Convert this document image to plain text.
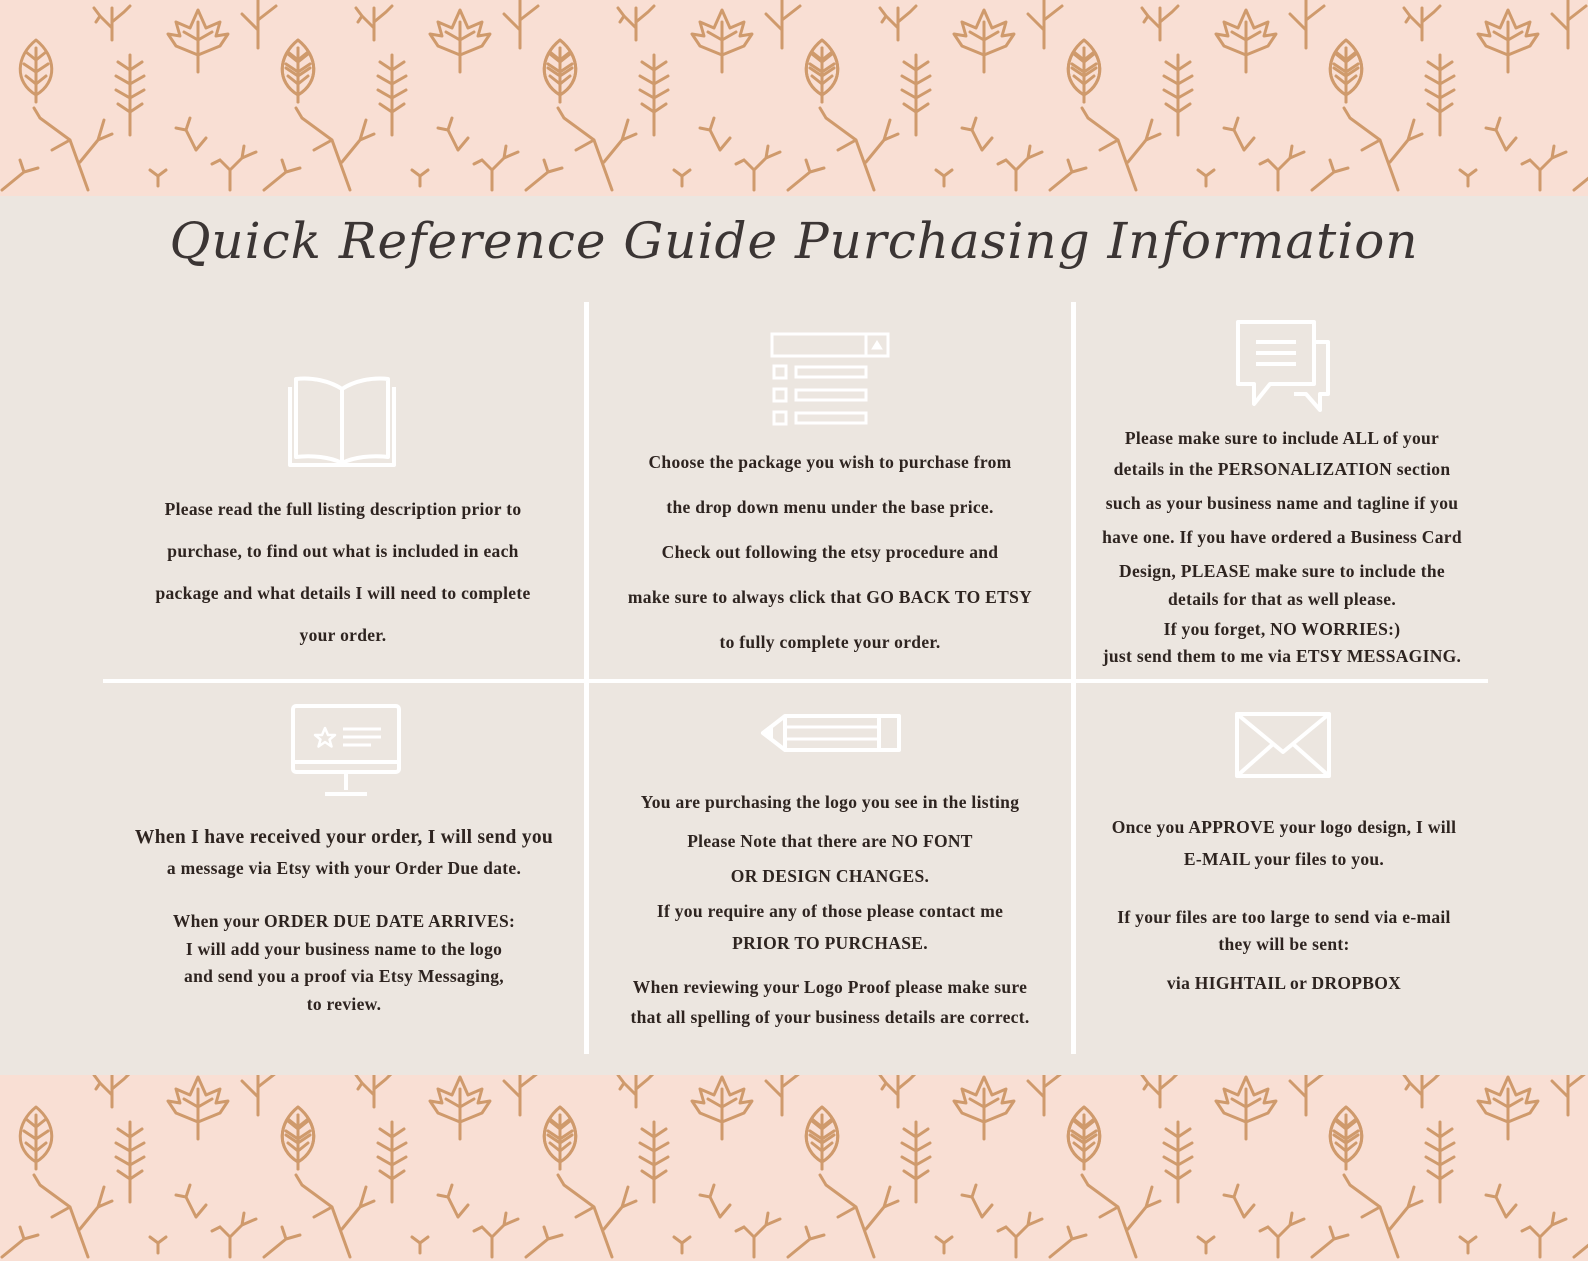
Quick Reference Guide Purchasing Information

Please read the full listing description prior to

purchase, to find out what is included in each

package and what details I will need to complete

your order.

Choose the package you wish to purchase from

the drop down menu under the base price.

Check out following the etsy procedure and

make sure to always click that GO BACK TO ETSY

to fully complete your order.

Please make sure to include ALL of your

details in the PERSONALIZATION section

such as your business name and tagline if you

have one. If you have ordered a Business Card

Design, PLEASE make sure to include the

details for that as well please.

If you forget, NO WORRIES:)

just send them to me via ETSY MESSAGING.

When I have received your order, I will send you

a message via Etsy with your Order Due date.

When your ORDER DUE DATE ARRIVES:

I will add your business name to the logo

and send you a proof via Etsy Messaging,

to review.

You are purchasing the logo you see in the listing

Please Note that there are NO FONT

OR DESIGN CHANGES.

If you require any of those please contact me

PRIOR TO PURCHASE.

When reviewing your Logo Proof please make sure

that all spelling of your business details are correct.

Once you APPROVE your logo design, I will

E-MAIL your files to you.

If your files are too large to send via e-mail

they will be sent:

via HIGHTAIL or DROPBOX
